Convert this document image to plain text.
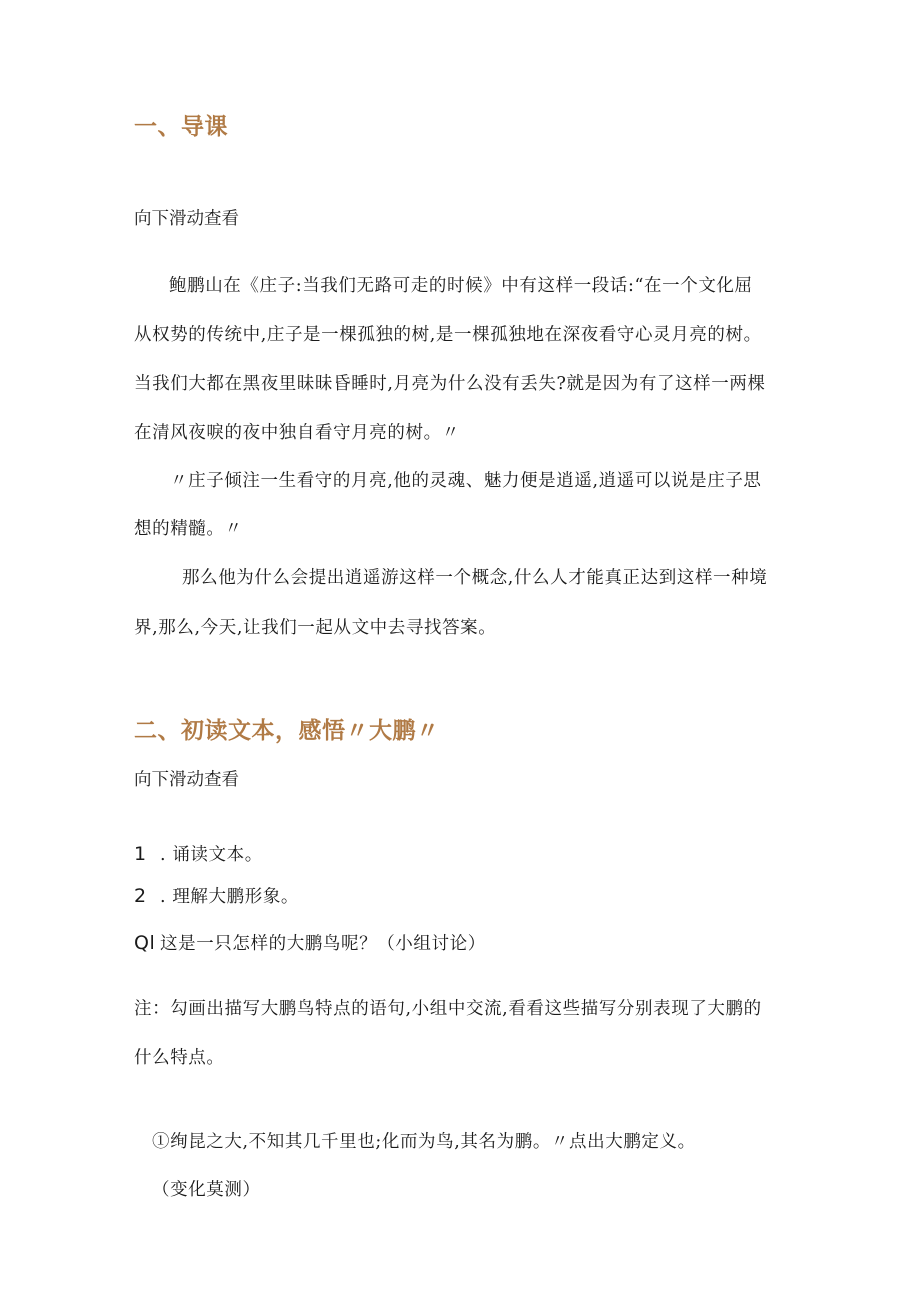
一、导课

向下滑动查看

鲍鹏山在《庄子:当我们无路可走的时候》中有这样一段话:“在一个文化屈

从权势的传统中,庄子是一棵孤独的树,是一棵孤独地在深夜看守心灵月亮的树。

当我们大都在黑夜里昧昧昏睡时,月亮为什么没有丢失?就是因为有了这样一两棵

在清风夜唳的夜中独自看守月亮的树。〃

〃庄子倾注一生看守的月亮,他的灵魂、魅力便是逍遥,逍遥可以说是庄子思

想的精髓。〃

那么他为什么会提出逍遥游这样一个概念,什么人才能真正达到这样一种境

界,那么,今天,让我们一起从文中去寻找答案。

二、初读文本，感悟〃大鹏〃

向下滑动查看

1 . 诵读文本。

2 . 理解大鹏形象。

Ql 这是一只怎样的大鹏鸟呢？（小组讨论）

注：勾画出描写大鹏鸟特点的语句,小组中交流,看看这些描写分别表现了大鹏的

什么特点。

①绚昆之大,不知其几千里也;化而为鸟,其名为鹏。〃点出大鹏定义。

（变化莫测）
